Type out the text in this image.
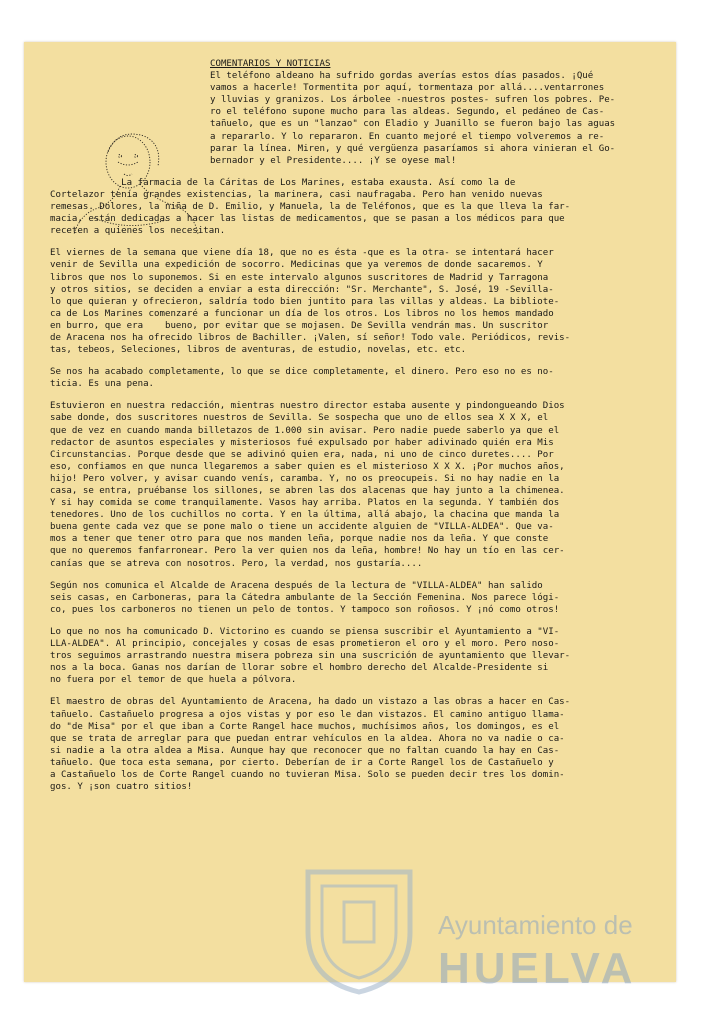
COMENTARIOS Y NOTICIAS
El teléfono aldeano ha sufrido gordas averías estos días pasados. ¡Qué
vamos a hacerle! Tormentita por aquí, tormentaza por allá....ventarrones
y lluvias y granizos. Los árbolee -nuestros postes- sufren los pobres. Pe-
ro el teléfono supone mucho para las aldeas. Segundo, el pedáneo de Cas-
tañuelo, que es un "lanzao" con Eladio y Juanillo se fueron bajo las aguas
a repararlo. Y lo repararon. En cuanto mejoré el tiempo volveremos a re-
parar la línea. Miren, y qué vergüenza pasaríamos si ahora vinieran el Go-
bernador y el Presidente.... ¡Y se oyese mal!
La farmacia de la Cáritas de Los Marines, estaba exausta. Así como la de
Cortelazor tenía grandes existencias, la marinera, casi naufragaba. Pero han venido nuevas
remesas. Dolores, la niña de D. Emilio, y Manuela, la de Teléfonos, que es la que lleva la far-
macia, están dedicadas a hacer las listas de medicamentos, que se pasan a los médicos para que
receten a quienes los necesitan.
El viernes de la semana que viene día 18, que no es ésta -que es la otra- se intentará hacer
venir de Sevilla una expedición de socorro. Medicinas que ya veremos de donde sacaremos. Y
libros que nos lo suponemos. Si en este intervalo algunos suscritores de Madrid y Tarragona
y otros sitios, se deciden a enviar a esta dirección: "Sr. Merchante", S. José, 19 -Sevilla-
lo que quieran y ofrecieron, saldría todo bien juntito para las villas y aldeas. La bibliote-
ca de Los Marines comenzaré a funcionar un día de los otros. Los libros no los hemos mandado
en burro, que era    bueno, por evitar que se mojasen. De Sevilla vendrán mas. Un suscritor
de Aracena nos ha ofrecido libros de Bachiller. ¡Valen, sí señor! Todo vale. Periódicos, revis-
tas, tebeos, Seleciones, libros de aventuras, de estudio, novelas, etc. etc.
Se nos ha acabado completamente, lo que se dice completamente, el dinero. Pero eso no es no-
ticia. Es una pena.
Estuvieron en nuestra redacción, mientras nuestro director estaba ausente y pindongueando Dios
sabe donde, dos suscritores nuestros de Sevilla. Se sospecha que uno de ellos sea X X X, el
que de vez en cuando manda billetazos de 1.000 sin avisar. Pero nadie puede saberlo ya que el
redactor de asuntos especiales y misteriosos fué expulsado por haber adivinado quién era Mis
Circunstancias. Porque desde que se adivinó quien era, nada, ni uno de cinco duretes.... Por
eso, confiamos en que nunca llegaremos a saber quien es el misterioso X X X. ¡Por muchos años,
hijo! Pero volver, y avisar cuando venís, caramba. Y, no os preocupeis. Si no hay nadie en la
casa, se entra, pruébanse los sillones, se abren las dos alacenas que hay junto a la chimenea.
Y si hay comida se come tranquilamente. Vasos hay arriba. Platos en la segunda. Y también dos
tenedores. Uno de los cuchillos no corta. Y en la última, allá abajo, la chacina que manda la
buena gente cada vez que se pone malo o tiene un accidente alguien de "VILLA-ALDEA". Que va-
mos a tener que tener otro para que nos manden leña, porque nadie nos da leña. Y que conste
que no queremos fanfarronear. Pero la ver quien nos da leña, hombre! No hay un tío en las cer-
canías que se atreva con nosotros. Pero, la verdad, nos gustaría....
Según nos comunica el Alcalde de Aracena después de la lectura de "VILLA-ALDEA" han salido
seis casas, en Carboneras, para la Cátedra ambulante de la Sección Femenina. Nos parece lógi-
co, pues los carboneros no tienen un pelo de tontos. Y tampoco son roñosos. Y ¡nó como otros!
Lo que no nos ha comunicado D. Victorino es cuando se piensa suscribir el Ayuntamiento a "VI-
LLA-ALDEA". Al principio, concejales y cosas de esas prometieron el oro y el moro. Pero noso-
tros seguimos arrastrando nuestra misera pobreza sin una suscrición de ayuntamiento que llevar-
nos a la boca. Ganas nos darían de llorar sobre el hombro derecho del Alcalde-Presidente si
no fuera por el temor de que huela a pólvora.
El maestro de obras del Ayuntamiento de Aracena, ha dado un vistazo a las obras a hacer en Cas-
tañuelo. Castañuelo progresa a ojos vistas y por eso le dan vistazos. El camino antiguo llama-
do "de Misa" por el que iban a Corte Rangel hace muchos, muchísimos años, los domingos, es el
que se trata de arreglar para que puedan entrar vehículos en la aldea. Ahora no va nadie o ca-
si nadie a la otra aldea a Misa. Aunque hay que reconocer que no faltan cuando la hay en Cas-
tañuelo. Que toca esta semana, por cierto. Deberían de ir a Corte Rangel los de Castañuelo y
a Castañuelo los de Corte Rangel cuando no tuvieran Misa. Solo se pueden decir tres los domin-
gos. Y ¡son cuatro sitios!
Ayuntamiento de
HUELVA
